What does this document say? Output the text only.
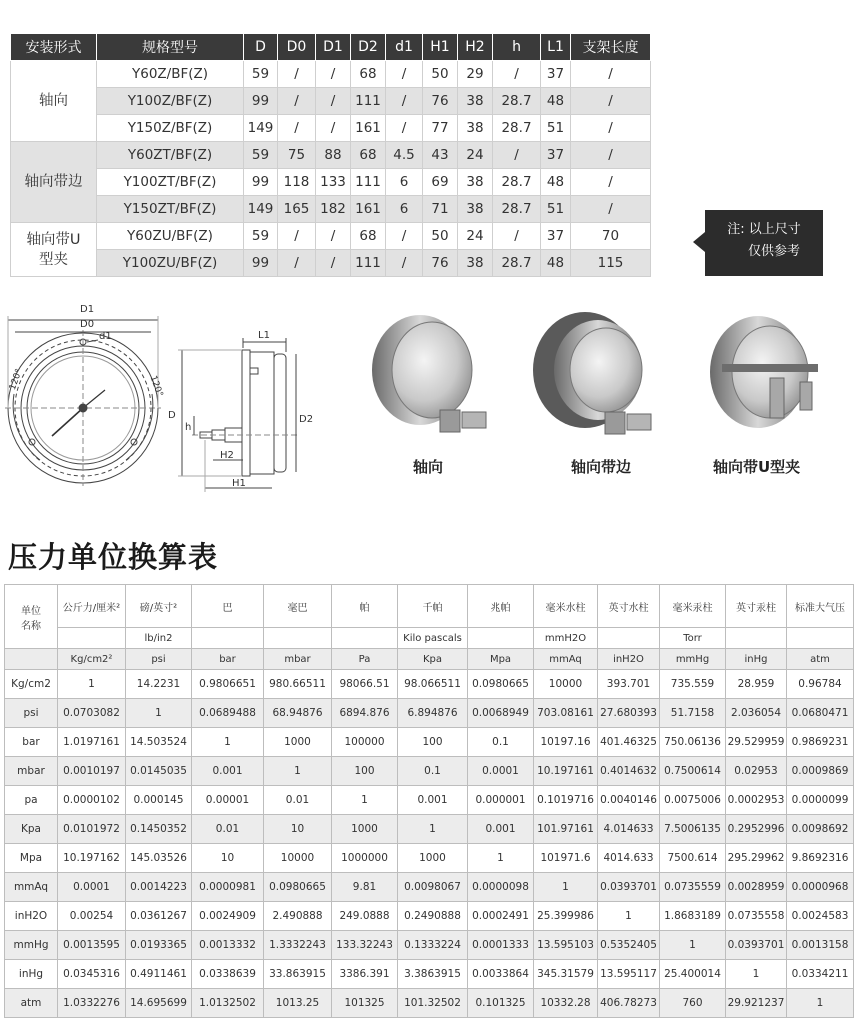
安装形式	规格型号	D	D0	D1	D2	d1	H1	H2	h	L1	支架长度
轴向	Y60Z/BF(Z)	59	/	/	68	/	50	29	/	37	/
	Y100Z/BF(Z)	99	/	/	111	/	76	38	28.7	48	/
	Y150Z/BF(Z)	149	/	/	161	/	77	38	28.7	51	/
轴向带边	Y60ZT/BF(Z)	59	75	88	68	4.5	43	24	/	37	/
	Y100ZT/BF(Z)	99	118	133	111	6	69	38	28.7	48	/
	Y150ZT/BF(Z)	149	165	182	161	6	71	38	28.7	51	/
轴向带U
型夹	Y60ZU/BF(Z)	59	/	/	68	/	50	24	/	37	70
	Y100ZU/BF(Z)	99	/	/	111	/	76	38	28.7	48	115
注: 以上尺寸
仅供参考
D1
D0
d1
120°	120°
L1
D	D2
h
H2
H1
轴向	轴向带边	轴向带U型夹
压力单位换算表
单位
名称	公斤力/厘米²	磅/英寸²	巴	毫巴	帕	千帕	兆帕	毫米水柱	英寸水柱	毫米汞柱	英寸汞柱	标准大气压
		lb/in2				Kilo pascals		mmH2O		Torr		
	Kg/cm2²	psi	bar	mbar	Pa	Kpa	Mpa	mmAq	inH2O	mmHg	inHg	atm
Kg/cm2	1	14.2231	0.9806651	980.66511	98066.51	98.066511	0.0980665	10000	393.701	735.559	28.959	0.96784
psi	0.0703082	1	0.0689488	68.94876	6894.876	6.894876	0.0068949	703.08161	27.680393	51.7158	2.036054	0.0680471
bar	1.0197161	14.503524	1	1000	100000	100	0.1	10197.16	401.46325	750.06136	29.529959	0.9869231
mbar	0.0010197	0.0145035	0.001	1	100	0.1	0.0001	10.197161	0.4014632	0.7500614	0.02953	0.0009869
pa	0.0000102	0.000145	0.00001	0.01	1	0.001	0.000001	0.1019716	0.0040146	0.0075006	0.0002953	0.0000099
Kpa	0.0101972	0.1450352	0.01	10	1000	1	0.001	101.97161	4.014633	7.5006135	0.2952996	0.0098692
Mpa	10.197162	145.03526	10	10000	1000000	1000	1	101971.6	4014.633	7500.614	295.29962	9.8692316
mmAq	0.0001	0.0014223	0.0000981	0.0980665	9.81	0.0098067	0.0000098	1	0.0393701	0.0735559	0.0028959	0.0000968
inH2O	0.00254	0.0361267	0.0024909	2.490888	249.0888	0.2490888	0.0002491	25.399986	1	1.8683189	0.0735558	0.0024583
mmHg	0.0013595	0.0193365	0.0013332	1.3332243	133.32243	0.1333224	0.0001333	13.595103	0.5352405	1	0.0393701	0.0013158
inHg	0.0345316	0.4911461	0.0338639	33.863915	3386.391	3.3863915	0.0033864	345.31579	13.595117	25.400014	1	0.0334211
atm	1.0332276	14.695699	1.0132502	1013.25	101325	101.32502	0.101325	10332.28	406.78273	760	29.921237	1
